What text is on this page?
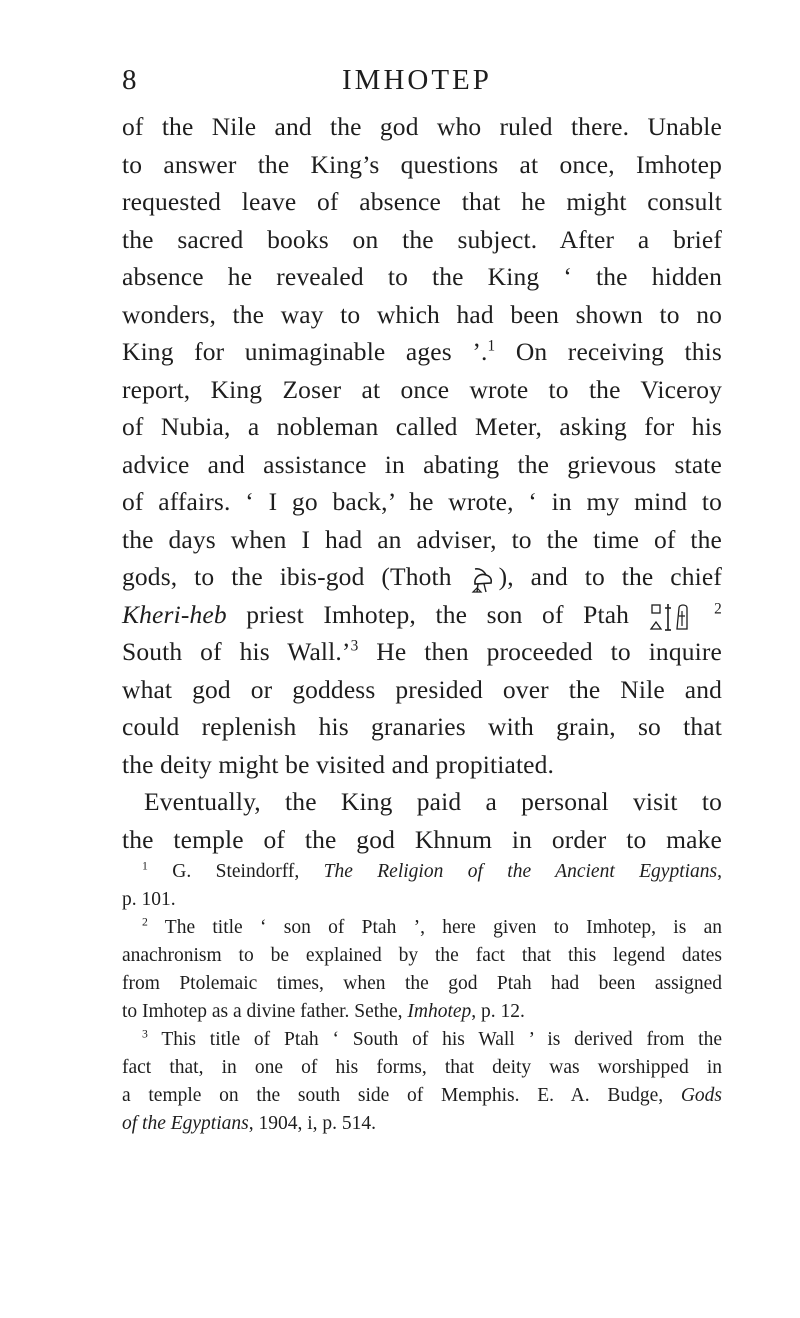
8	IMHOTEP
of the Nile and the god who ruled there. Unable
to answer the King’s questions at once, Imhotep
requested leave of absence that he might consult
the sacred books on the subject. After a brief
absence he revealed to the King ‘ the hidden
wonders, the way to which had been shown to no
King for unimaginable ages ’.$^1$ On receiving this
report, King Zoser at once wrote to the Viceroy
of Nubia, a nobleman called Meter, asking for his
advice and assistance in abating the grievous state
of affairs. ‘ I go back,’ he wrote, ‘ in my mind to
the days when I had an adviser, to the time of the
gods, to the ibis-god (Thoth ), and to the chief
Kheri-heb priest Imhotep, the son of Ptah	$^2$
South of his Wall.’$^3$ He then proceeded to inquire
what god or goddess presided over the Nile and
could replenish his granaries with grain, so that
the deity might be visited and propitiated.
Eventually, the King paid a personal visit to
the temple of the god Khnum in order to make
$^1$ G. Steindorff, The Religion of the Ancient Egyptians,
p. 101.
$^2$ The title ‘ son of Ptah ’, here given to Imhotep, is an
anachronism to be explained by the fact that this legend dates
from Ptolemaic times, when the god Ptah had been assigned
to Imhotep as a divine father. Sethe, Imhotep, p. 12.
$^3$ This title of Ptah ‘ South of his Wall ’ is derived from the
fact that, in one of his forms, that deity was worshipped in
a temple on the south side of Memphis. E. A. Budge, Gods
of the Egyptians, 1904, i, p. 514.
